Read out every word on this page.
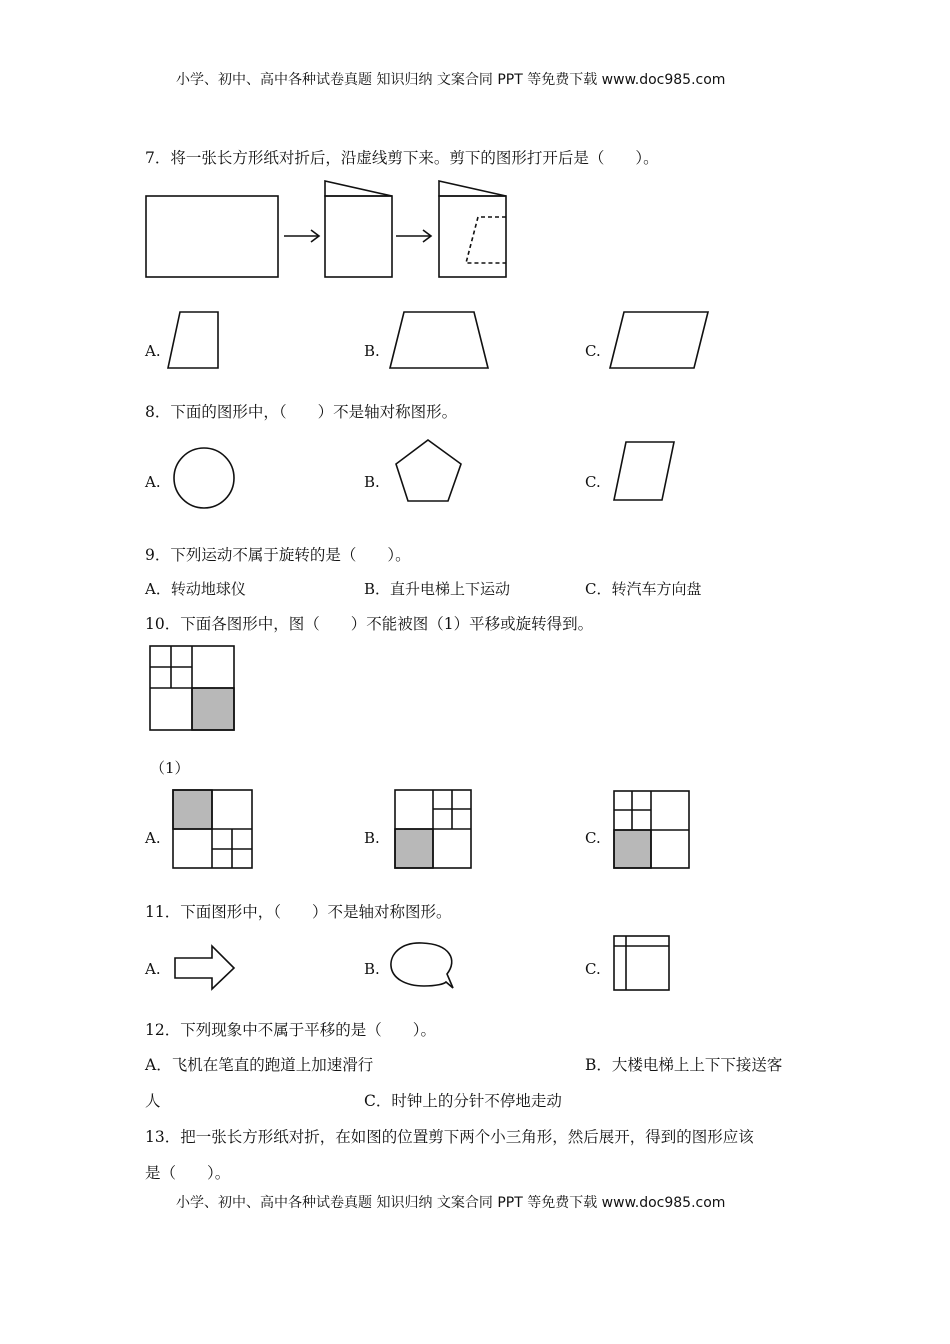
小学、初中、高中各种试卷真题 知识归纳 文案合同 PPT 等免费下载 www.doc985.com
7．将一张长方形纸对折后，沿虚线剪下来。剪下的图形打开后是（　　）。
A.	B.	C.
8．下面的图形中，（　　）不是轴对称图形。
A.	B.	C.
9．下列运动不属于旋转的是（　　）。
A．转动地球仪	B．直升电梯上下运动	C．转汽车方向盘
10．下面各图形中，图（　　）不能被图（1）平移或旋转得到。
（1）
A.	B.	C.
11．下面图形中，（　　）不是轴对称图形。
A.	B.	C.
12．下列现象中不属于平移的是（　　）。
A．飞机在笔直的跑道上加速滑行	B．大楼电梯上上下下接送客
人	C．时钟上的分针不停地走动
13．把一张长方形纸对折，在如图的位置剪下两个小三角形，然后展开，得到的图形应该
是（　　）。
小学、初中、高中各种试卷真题 知识归纳 文案合同 PPT 等免费下载 www.doc985.com
